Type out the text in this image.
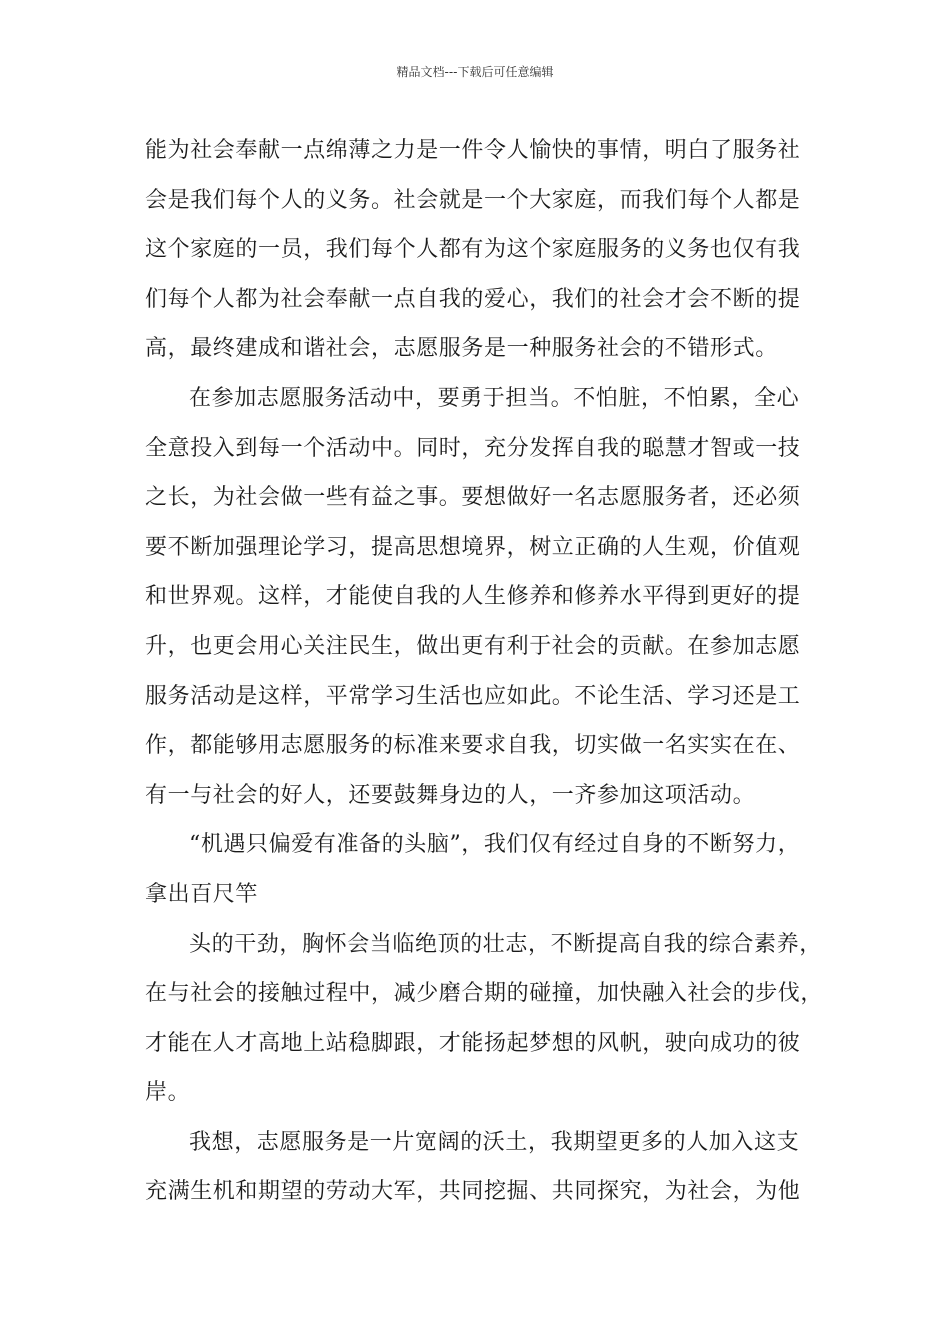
精品文档---下载后可任意编辑
能为社会奉献一点绵薄之力是一件令人愉快的事情，明白了服务社
会是我们每个人的义务。社会就是一个大家庭，而我们每个人都是
这个家庭的一员，我们每个人都有为这个家庭服务的义务也仅有我
们每个人都为社会奉献一点自我的爱心，我们的社会才会不断的提
高，最终建成和谐社会，志愿服务是一种服务社会的不错形式。
在参加志愿服务活动中，要勇于担当。不怕脏，不怕累，全心
全意投入到每一个活动中。同时，充分发挥自我的聪慧才智或一技
之长，为社会做一些有益之事。要想做好一名志愿服务者，还必须
要不断加强理论学习，提高思想境界，树立正确的人生观，价值观
和世界观。这样，才能使自我的人生修养和修养水平得到更好的提
升，也更会用心关注民生，做出更有利于社会的贡献。在参加志愿
服务活动是这样，平常学习生活也应如此。不论生活、学习还是工
作，都能够用志愿服务的标准来要求自我，切实做一名实实在在、
有一与社会的好人，还要鼓舞身边的人，一齐参加这项活动。
“机遇只偏爱有准备的头脑”，我们仅有经过自身的不断努力，
拿出百尺竿
头的干劲，胸怀会当临绝顶的壮志，不断提高自我的综合素养，
在与社会的接触过程中，减少磨合期的碰撞，加快融入社会的步伐，
才能在人才高地上站稳脚跟，才能扬起梦想的风帆，驶向成功的彼
岸。
我想，志愿服务是一片宽阔的沃土，我期望更多的人加入这支
充满生机和期望的劳动大军，共同挖掘、共同探究，为社会，为他
